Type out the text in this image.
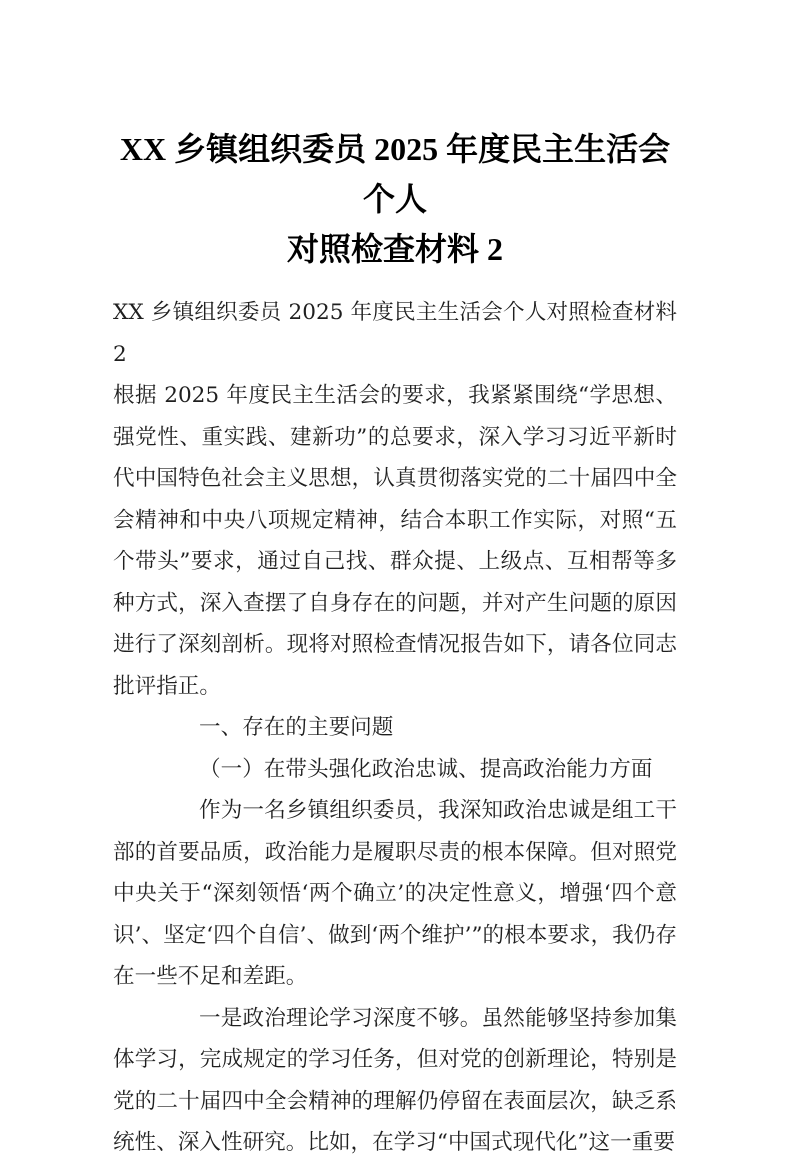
XX 乡镇组织委员 2025 年度民主生活会个人
对照检查材料 2

XX 乡镇组织委员 2025 年度民主生活会个人对照检查材料 2

根据 2025 年度民主生活会的要求，我紧紧围绕“学思想、强党性、重实践、建新功”的总要求，深入学习习近平新时代中国特色社会主义思想，认真贯彻落实党的二十届四中全会精神和中央八项规定精神，结合本职工作实际，对照“五个带头”要求，通过自己找、群众提、上级点、互相帮等多种方式，深入查摆了自身存在的问题，并对产生问题的原因进行了深刻剖析。现将对照检查情况报告如下，请各位同志批评指正。

一、存在的主要问题

（一）在带头强化政治忠诚、提高政治能力方面

作为一名乡镇组织委员，我深知政治忠诚是组工干部的首要品质，政治能力是履职尽责的根本保障。但对照党中央关于“深刻领悟‘两个确立’的决定性意义，增强‘四个意识’、坚定‘四个自信’、做到‘两个维护’”的根本要求，我仍存在一些不足和差距。

一是政治理论学习深度不够。虽然能够坚持参加集体学习，完成规定的学习任务，但对党的创新理论，特别是党的二十届四中全会精神的理解仍停留在表面层次，缺乏系统性、深入性研究。比如，在学习“中国式现代化”这一重要
